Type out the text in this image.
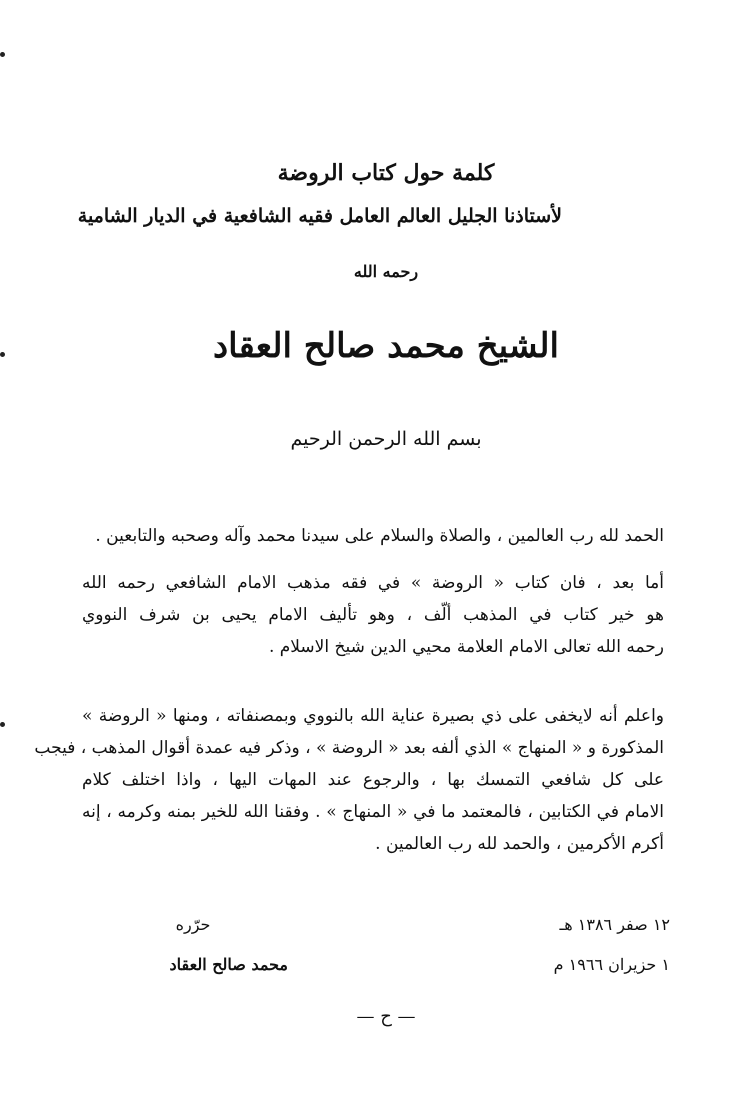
كلمة حول كتاب الروضة
لأستاذنا الجليل العالم العامل فقيه الشافعية في الديار الشامية
رحمه الله
الشيخ محمد صالح العقاد
بسم الله الرحمن الرحيم
الحمد لله رب العالمين ، والصلاة والسلام على سيدنا محمد وآله وصحبه والتابعين .
أما بعد ، فان كتاب « الروضة » في فقه مذهب الامام الشافعي رحمه الله
هو خير كتاب في المذهب ألّف ، وهو تأليف الامام يحيى بن شرف النووي
رحمه الله تعالى الامام العلامة محيي الدين شيخ الاسلام .
واعلم أنه لايخفى على ذي بصيرة عناية الله بالنووي وبمصنفاته ، ومنها « الروضة »
المذكورة و « المنهاج » الذي ألفه بعد « الروضة » ، وذكر فيه عمدة أقوال المذهب ، فيجب
على كل شافعي التمسك بها ، والرجوع عند المهات اليها ، واذا اختلف كلام
الامام في الكتابين ، فالمعتمد ما في « المنهاج » . وفقنا الله للخير بمنه وكرمه ، إنه
أكرم الأكرمين ، والحمد لله رب العالمين .
١٢ صفر ١٣٨٦ هـ
١ حزيران ١٩٦٦ م
حرّره
محمد صالح العقاد
— ح —
